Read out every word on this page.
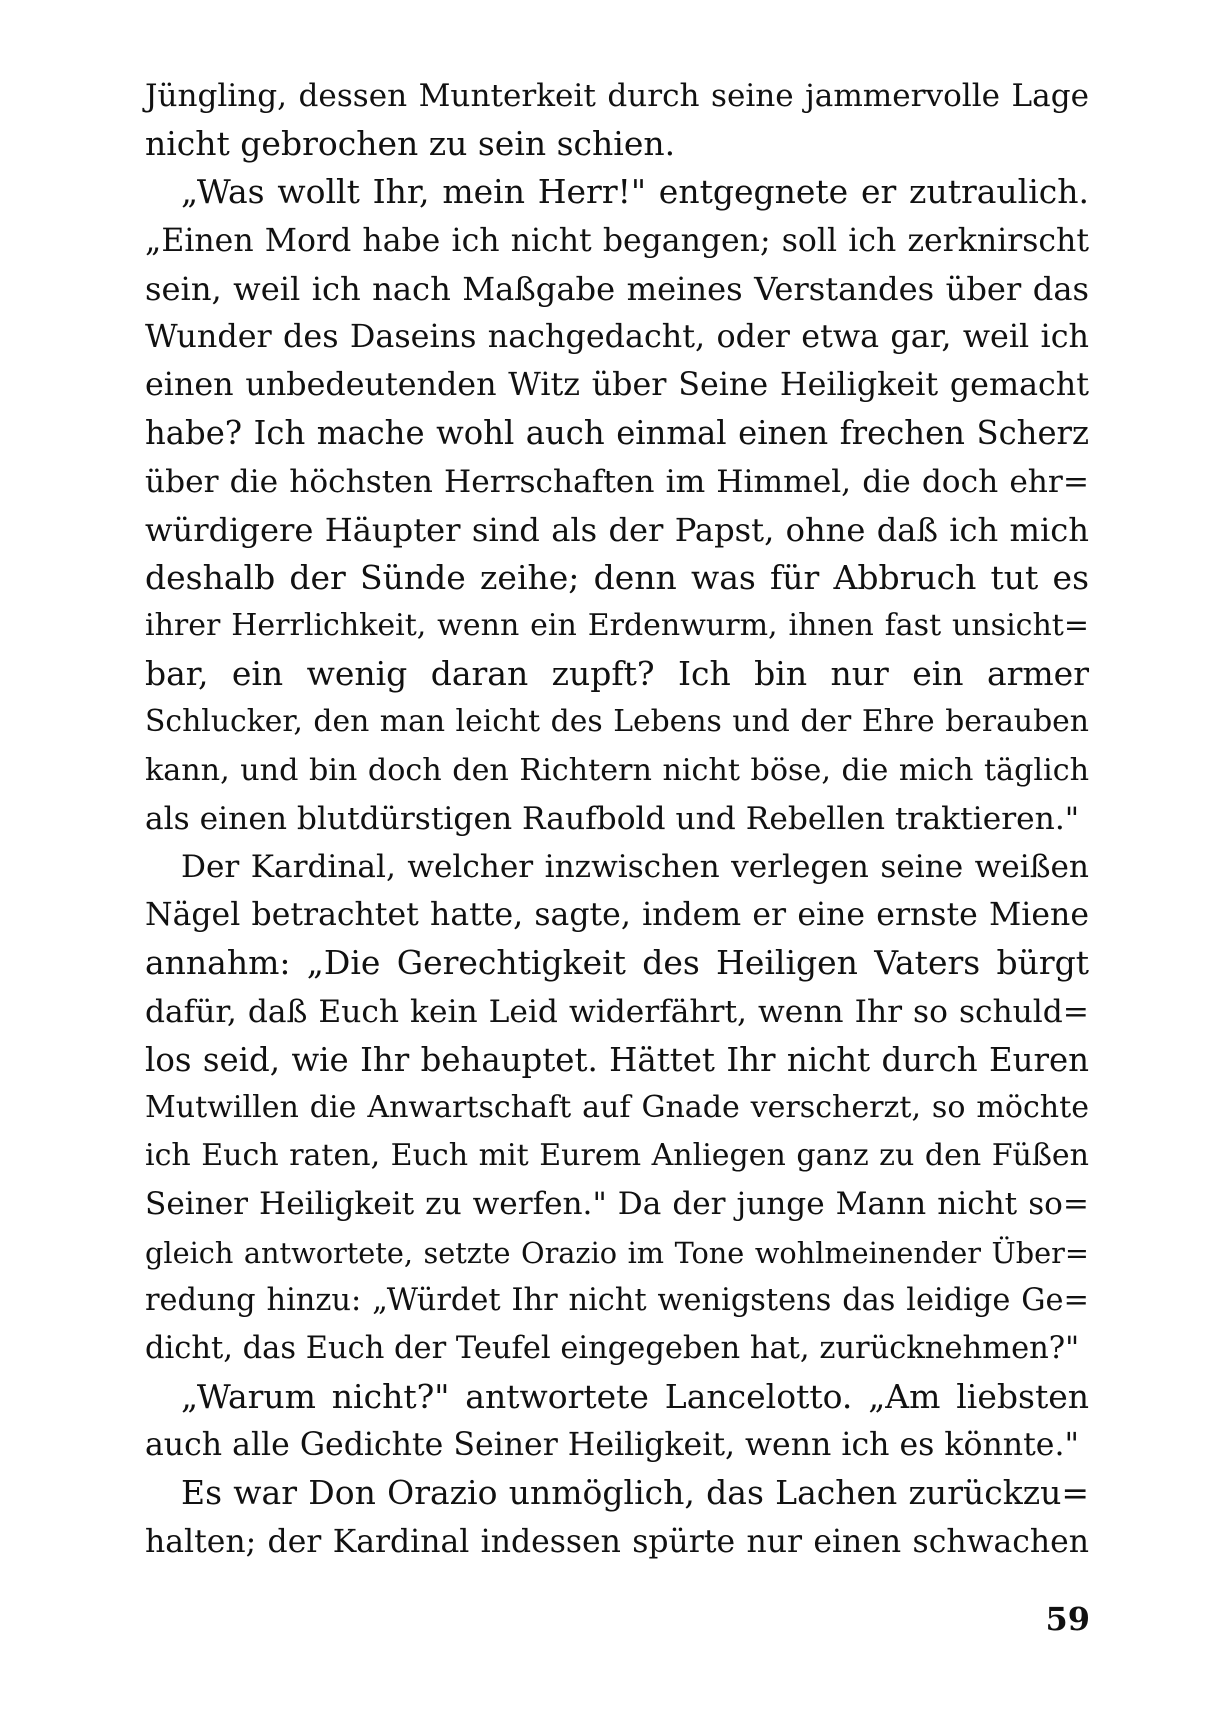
Jüngling, dessen Munterkeit durch seine jammervolle Lage
nicht gebrochen zu sein schien.
„Was wollt Ihr, mein Herr!" entgegnete er zutraulich.
„Einen Mord habe ich nicht begangen; soll ich zerknirscht
sein, weil ich nach Maßgabe meines Verstandes über das
Wunder des Daseins nachgedacht, oder etwa gar, weil ich
einen unbedeutenden Witz über Seine Heiligkeit gemacht
habe? Ich mache wohl auch einmal einen frechen Scherz
über die höchsten Herrschaften im Himmel, die doch ehr=
würdigere Häupter sind als der Papst, ohne daß ich mich
deshalb der Sünde zeihe; denn was für Abbruch tut es
ihrer Herrlichkeit, wenn ein Erdenwurm, ihnen fast unsicht=
bar, ein wenig daran zupft? Ich bin nur ein armer
Schlucker, den man leicht des Lebens und der Ehre berauben
kann, und bin doch den Richtern nicht böse, die mich täglich
als einen blutdürstigen Raufbold und Rebellen traktieren."
Der Kardinal, welcher inzwischen verlegen seine weißen
Nägel betrachtet hatte, sagte, indem er eine ernste Miene
annahm: „Die Gerechtigkeit des Heiligen Vaters bürgt
dafür, daß Euch kein Leid widerfährt, wenn Ihr so schuld=
los seid, wie Ihr behauptet. Hättet Ihr nicht durch Euren
Mutwillen die Anwartschaft auf Gnade verscherzt, so möchte
ich Euch raten, Euch mit Eurem Anliegen ganz zu den Füßen
Seiner Heiligkeit zu werfen." Da der junge Mann nicht so=
gleich antwortete, setzte Orazio im Tone wohlmeinender Über=
redung hinzu: „Würdet Ihr nicht wenigstens das leidige Ge=
dicht, das Euch der Teufel eingegeben hat, zurücknehmen?"
„Warum nicht?" antwortete Lancelotto. „Am liebsten
auch alle Gedichte Seiner Heiligkeit, wenn ich es könnte."
Es war Don Orazio unmöglich, das Lachen zurückzu=
halten; der Kardinal indessen spürte nur einen schwachen
59
